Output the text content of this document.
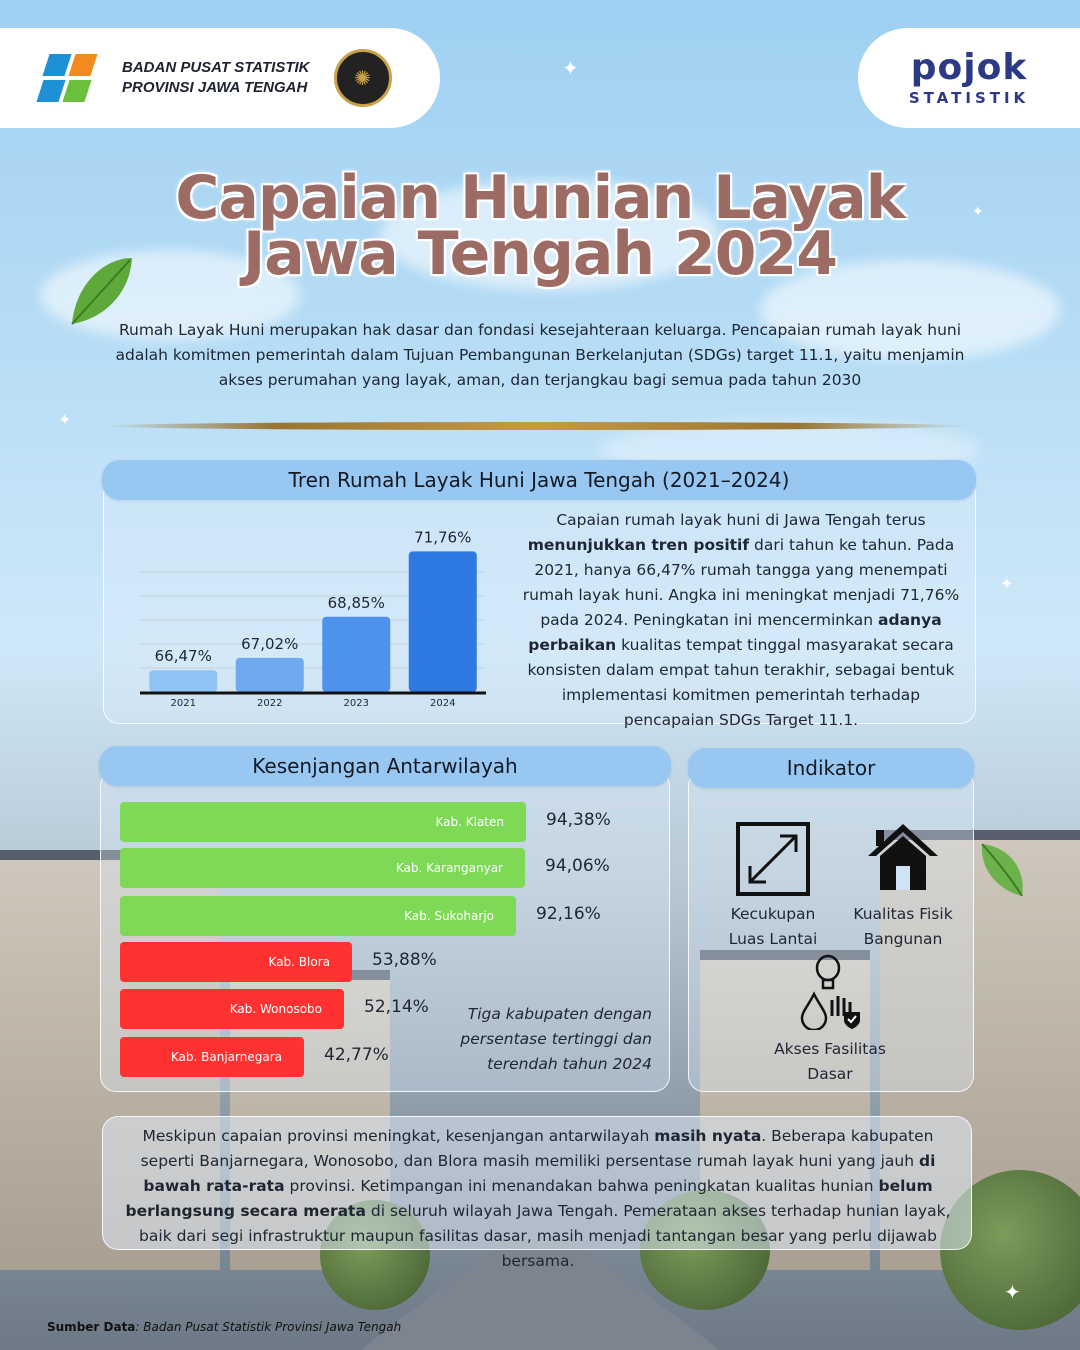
✦
✦
✦
✦
✦
BADAN PUSAT STATISTIK
PROVINSI JAWA TENGAH	✺	pojok
STATISTIK
Capaian Hunian Layak
Jawa Tengah 2024
Rumah Layak Huni merupakan hak dasar dan fondasi kesejahteraan keluarga. Pencapaian rumah layak huni adalah komitmen pemerintah dalam Tujuan Pembangunan Berkelanjutan (SDGs) target 11.1, yaitu menjamin akses perumahan yang layak, aman, dan terjangkau bagi semua pada tahun 2030
Tren Rumah Layak Huni Jawa Tengah (2021–2024)
66,47%
2021
67,02%
2022
68,85%
2023
71,76%
2024
Capaian rumah layak huni di Jawa Tengah terus menunjukkan tren positif dari tahun ke tahun. Pada 2021, hanya 66,47% rumah tangga yang menempati rumah layak huni. Angka ini meningkat menjadi 71,76% pada 2024. Peningkatan ini mencerminkan adanya perbaikan kualitas tempat tinggal masyarakat secara konsisten dalam empat tahun terakhir, sebagai bentuk implementasi komitmen pemerintah terhadap pencapaian SDGs Target 11.1.
Kesenjangan Antarwilayah
Kab. Klaten	94,38%
Kab. Karanganyar	94,06%
Kab. Sukoharjo	92,16%
Kab. Blora	53,88%
Kab. Wonosobo	52,14%
Kab. Banjarnegara	42,77%
Tiga kabupaten dengan persentase tertinggi dan terendah tahun 2024
Indikator
Kecukupan
Luas Lantai
Kualitas Fisik
Bangunan
Akses Fasilitas
Dasar
Meskipun capaian provinsi meningkat, kesenjangan antarwilayah masih nyata. Beberapa kabupaten seperti Banjarnegara, Wonosobo, dan Blora masih memiliki persentase rumah layak huni yang jauh di bawah rata-rata provinsi. Ketimpangan ini menandakan bahwa peningkatan kualitas hunian belum berlangsung secara merata di seluruh wilayah Jawa Tengah. Pemerataan akses terhadap hunian layak, baik dari segi infrastruktur maupun fasilitas dasar, masih menjadi tantangan besar yang perlu dijawab bersama.
Sumber Data: Badan Pusat Statistik Provinsi Jawa Tengah
